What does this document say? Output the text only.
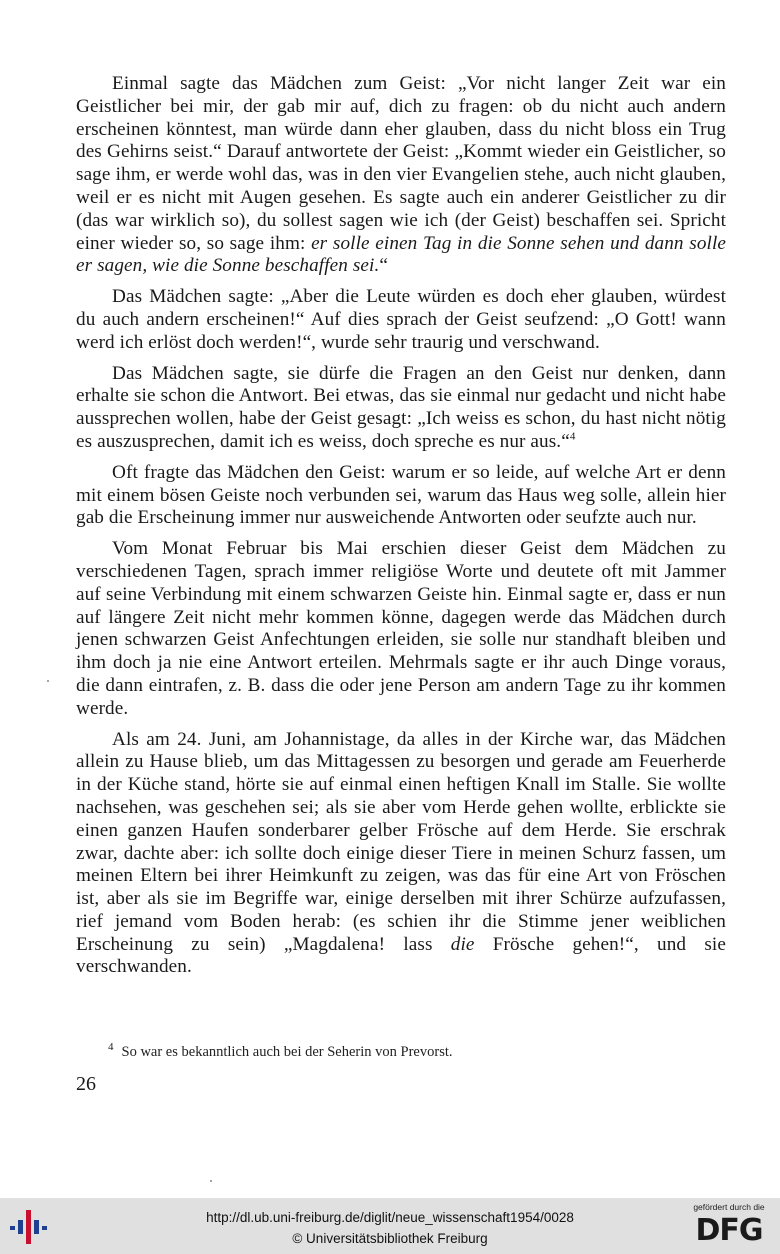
Einmal sagte das Mädchen zum Geist: „Vor nicht langer Zeit war ein Geistlicher bei mir, der gab mir auf, dich zu fragen: ob du nicht auch andern erscheinen könntest, man würde dann eher glauben, dass du nicht bloss ein Trug des Gehirns seist.“ Darauf antwortete der Geist: „Kommt wieder ein Geistlicher, so sage ihm, er werde wohl das, was in den vier Evangelien stehe, auch nicht glauben, weil er es nicht mit Augen gesehen. Es sagte auch ein anderer Geistlicher zu dir (das war wirklich so), du sollest sagen wie ich (der Geist) beschaffen sei. Spricht einer wieder so, so sage ihm: er solle einen Tag in die Sonne sehen und dann solle er sagen, wie die Sonne beschaffen sei.“

Das Mädchen sagte: „Aber die Leute würden es doch eher glauben, würdest du auch andern erscheinen!“ Auf dies sprach der Geist seufzend: „O Gott! wann werd ich erlöst doch werden!“, wurde sehr traurig und verschwand.

Das Mädchen sagte, sie dürfe die Fragen an den Geist nur denken, dann erhalte sie schon die Antwort. Bei etwas, das sie einmal nur gedacht und nicht habe aussprechen wollen, habe der Geist gesagt: „Ich weiss es schon, du hast nicht nötig es auszusprechen, damit ich es weiss, doch spreche es nur aus.“$^4$

Oft fragte das Mädchen den Geist: warum er so leide, auf welche Art er denn mit einem bösen Geiste noch verbunden sei, warum das Haus weg solle, allein hier gab die Erscheinung immer nur ausweichende Antworten oder seufzte auch nur.

Vom Monat Februar bis Mai erschien dieser Geist dem Mädchen zu verschiedenen Tagen, sprach immer religiöse Worte und deutete oft mit Jammer auf seine Verbindung mit einem schwarzen Geiste hin. Einmal sagte er, dass er nun auf längere Zeit nicht mehr kommen könne, dagegen werde das Mädchen durch jenen schwarzen Geist Anfechtungen erleiden, sie solle nur standhaft bleiben und ihm doch ja nie eine Antwort erteilen. Mehrmals sagte er ihr auch Dinge voraus, die dann eintrafen, z. B. dass die oder jene Person am andern Tage zu ihr kommen werde.

Als am 24. Juni, am Johannistage, da alles in der Kirche war, das Mädchen allein zu Hause blieb, um das Mittagessen zu besorgen und gerade am Feuerherde in der Küche stand, hörte sie auf einmal einen heftigen Knall im Stalle. Sie wollte nachsehen, was geschehen sei; als sie aber vom Herde gehen wollte, erblickte sie einen ganzen Haufen sonderbarer gelber Frösche auf dem Herde. Sie erschrak zwar, dachte aber: ich sollte doch einige dieser Tiere in meinen Schurz fassen, um meinen Eltern bei ihrer Heimkunft zu zeigen, was das für eine Art von Fröschen ist, aber als sie im Begriffe war, einige derselben mit ihrer Schürze aufzufassen, rief jemand vom Boden herab: (es schien ihr die Stimme jener weiblichen Erscheinung zu sein) „Magdalena! lass die Frösche gehen!“, und sie verschwanden.

$^4$ So war es bekanntlich auch bei der Seherin von Prevorst.
26
http://dl.ub.uni-freiburg.de/diglit/neue_wissenschaft1954/0028
© Universitätsbibliothek Freiburg
gefördert durch die
DFG
